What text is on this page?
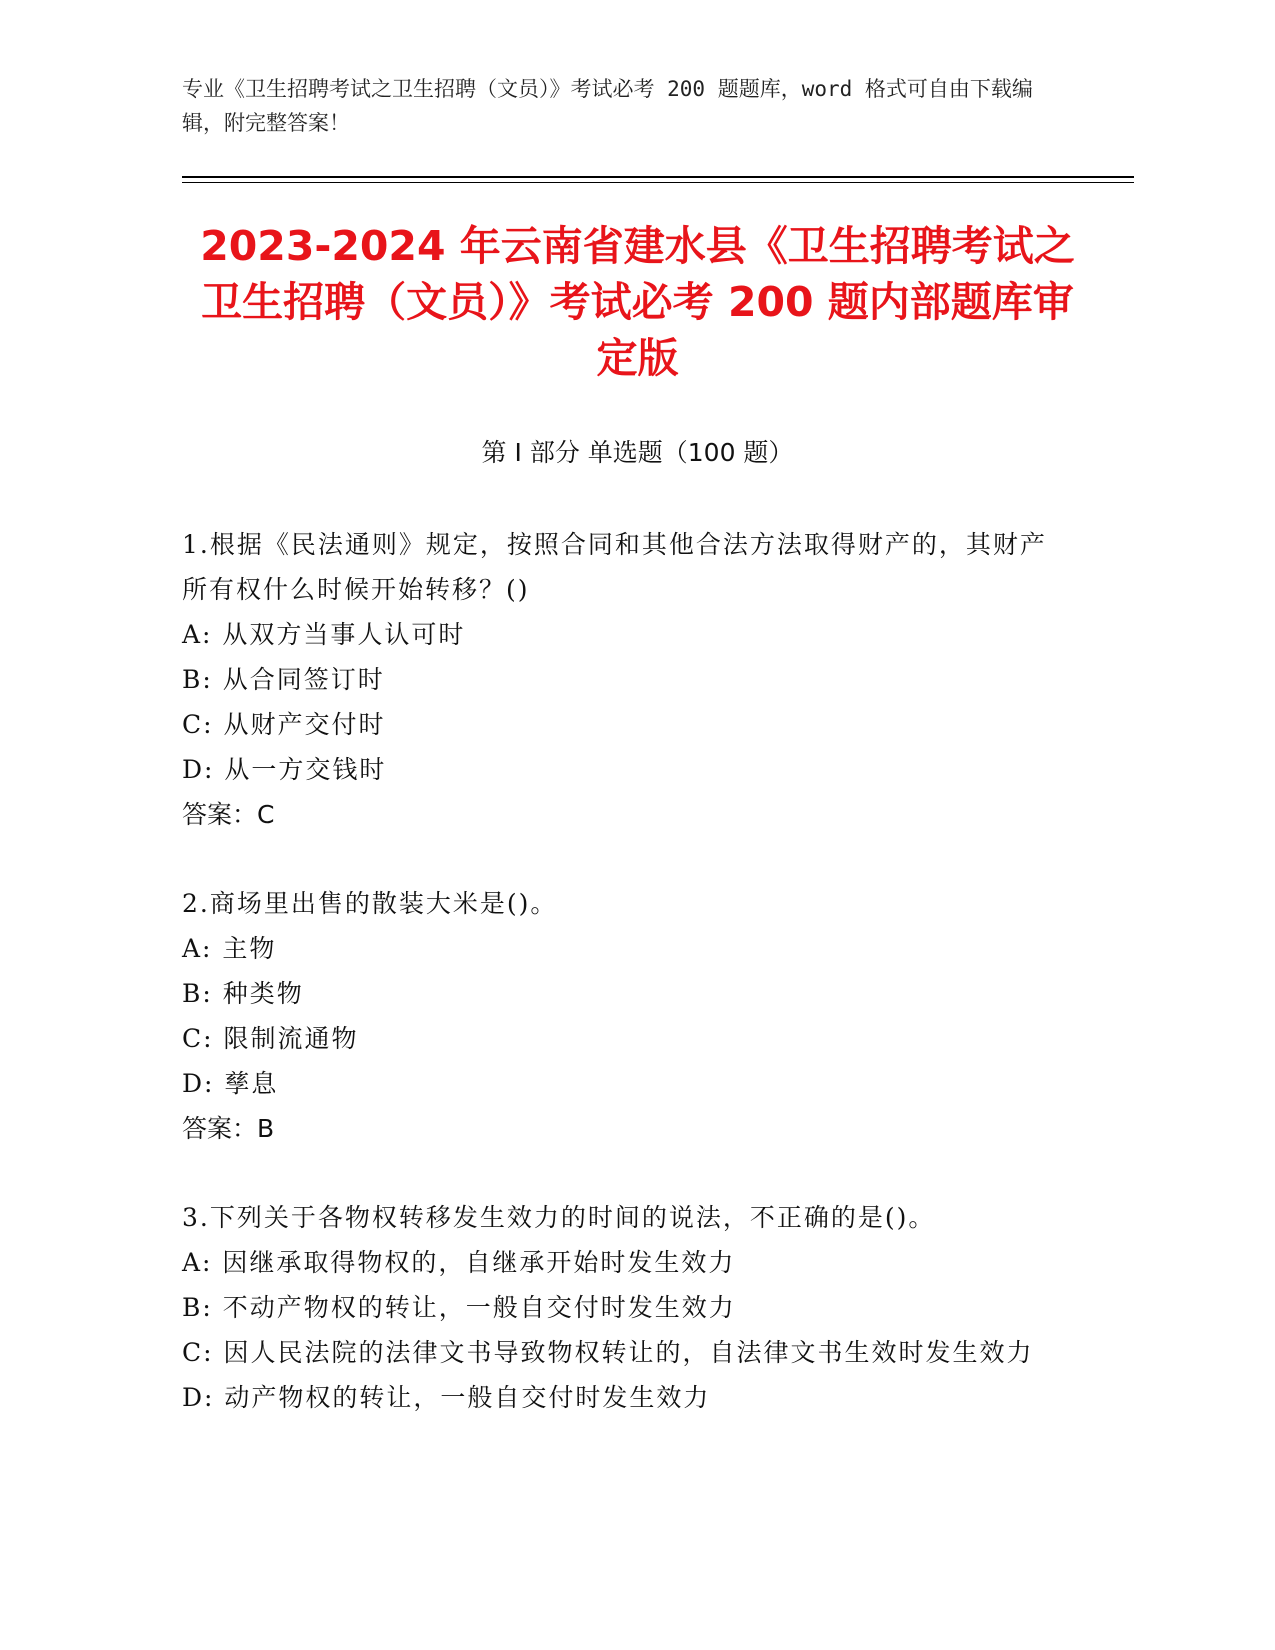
专业《卫生招聘考试之卫生招聘（文员）》考试必考 200 题题库，word 格式可自由下载编辑，附完整答案！
2023-2024 年云南省建水县《卫生招聘考试之卫生招聘（文员）》考试必考 200 题内部题库审定版
第 I 部分 单选题（100 题）
1.根据《民法通则》规定，按照合同和其他合法方法取得财产的，其财产所有权什么时候开始转移？()
A: 从双方当事人认可时
B: 从合同签订时
C: 从财产交付时
D: 从一方交钱时
答案：C
2.商场里出售的散装大米是()。
A: 主物
B: 种类物
C: 限制流通物
D: 孳息
答案：B
3.下列关于各物权转移发生效力的时间的说法，不正确的是()。
A: 因继承取得物权的，自继承开始时发生效力
B: 不动产物权的转让，一般自交付时发生效力
C: 因人民法院的法律文书导致物权转让的，自法律文书生效时发生效力
D: 动产物权的转让，一般自交付时发生效力
